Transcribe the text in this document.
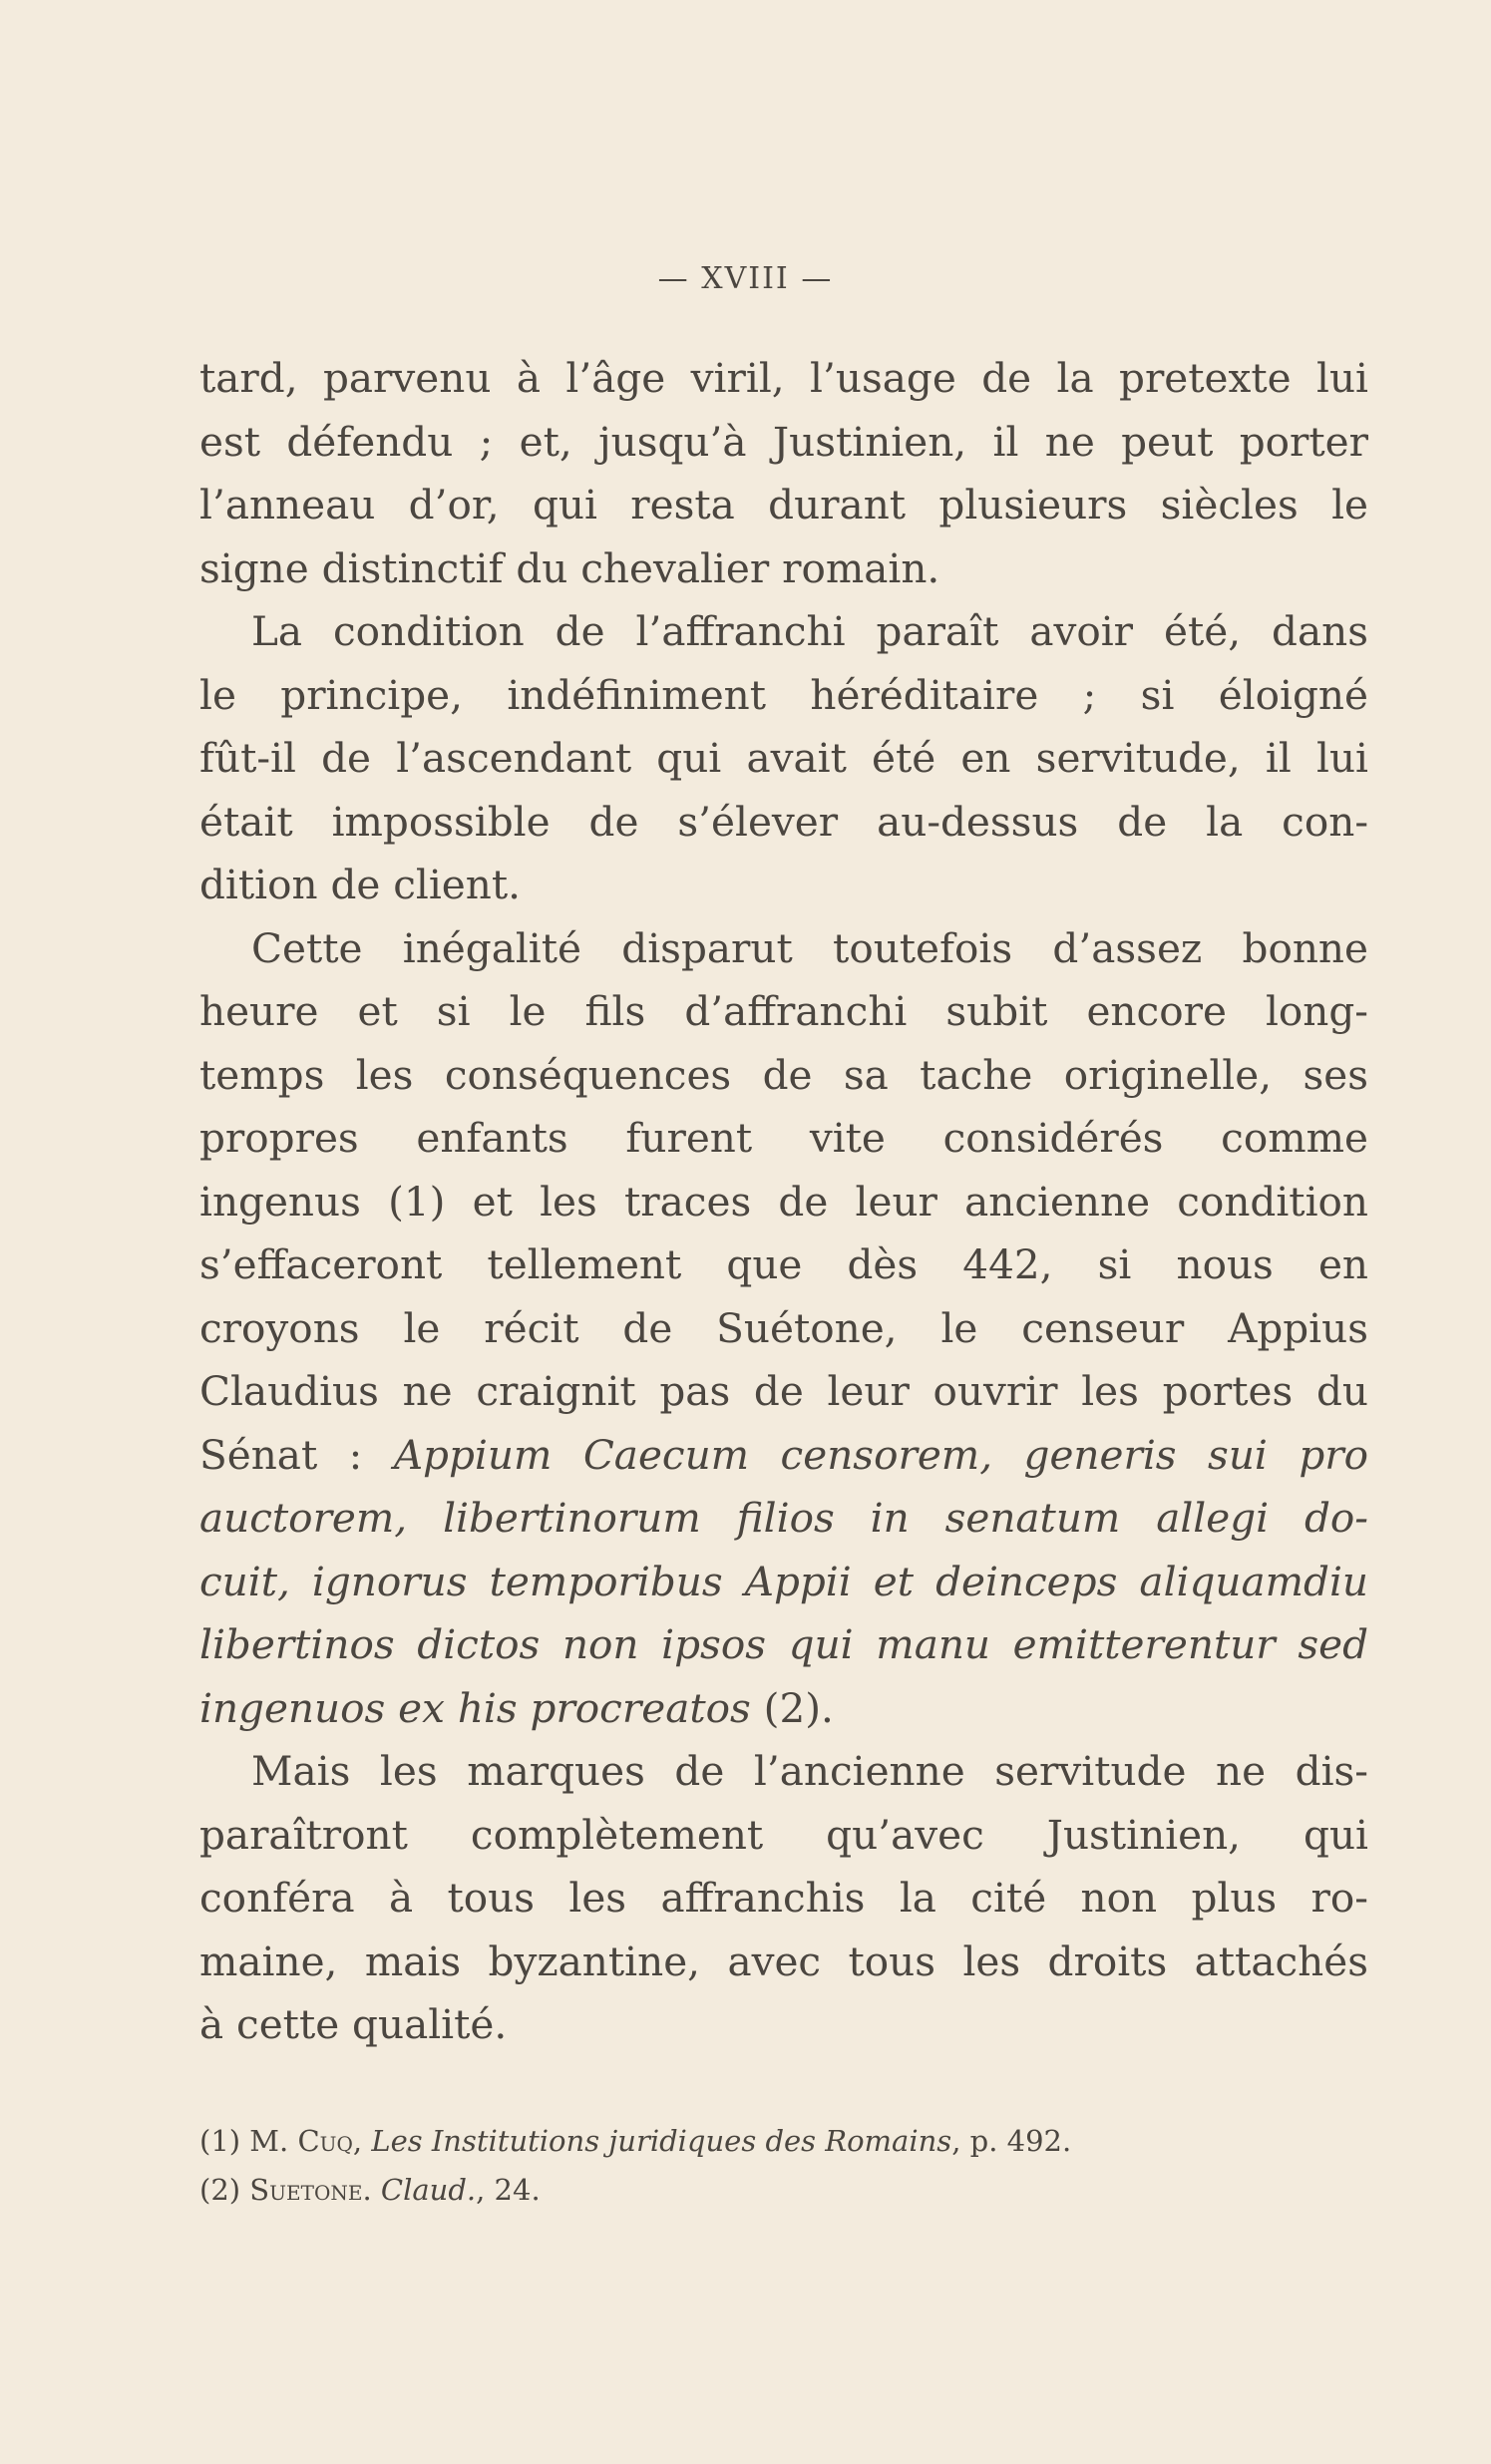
— XVIII —
tard, parvenu à l’âge viril, l’usage de la pretexte lui
est défendu ; et, jusqu’à Justinien, il ne peut porter
l’anneau d’or, qui resta durant plusieurs siècles le
signe distinctif du chevalier romain.
La condition de l’affranchi paraît avoir été, dans
le principe, indéfiniment héréditaire ; si éloigné
fût-il de l’ascendant qui avait été en servitude, il lui
était impossible de s’élever au-dessus de la con-
dition de client.
Cette inégalité disparut toutefois d’assez bonne
heure et si le fils d’affranchi subit encore long-
temps les conséquences de sa tache originelle, ses
propres enfants furent vite considérés comme
ingenus (1) et les traces de leur ancienne condition
s’effaceront tellement que dès 442, si nous en
croyons le récit de Suétone, le censeur Appius
Claudius ne craignit pas de leur ouvrir les portes du
Sénat : Appium Caecum censorem, generis sui pro
auctorem, libertinorum filios in senatum allegi do-
cuit, ignorus temporibus Appii et deinceps aliquamdiu
libertinos dictos non ipsos qui manu emitterentur sed
ingenuos ex his procreatos (2).
Mais les marques de l’ancienne servitude ne dis-
paraîtront complètement qu’avec Justinien, qui
conféra à tous les affranchis la cité non plus ro-
maine, mais byzantine, avec tous les droits attachés
à cette qualité.
(1) M. Cuq, Les Institutions juridiques des Romains, p. 492.
(2) Suetone. Claud., 24.
